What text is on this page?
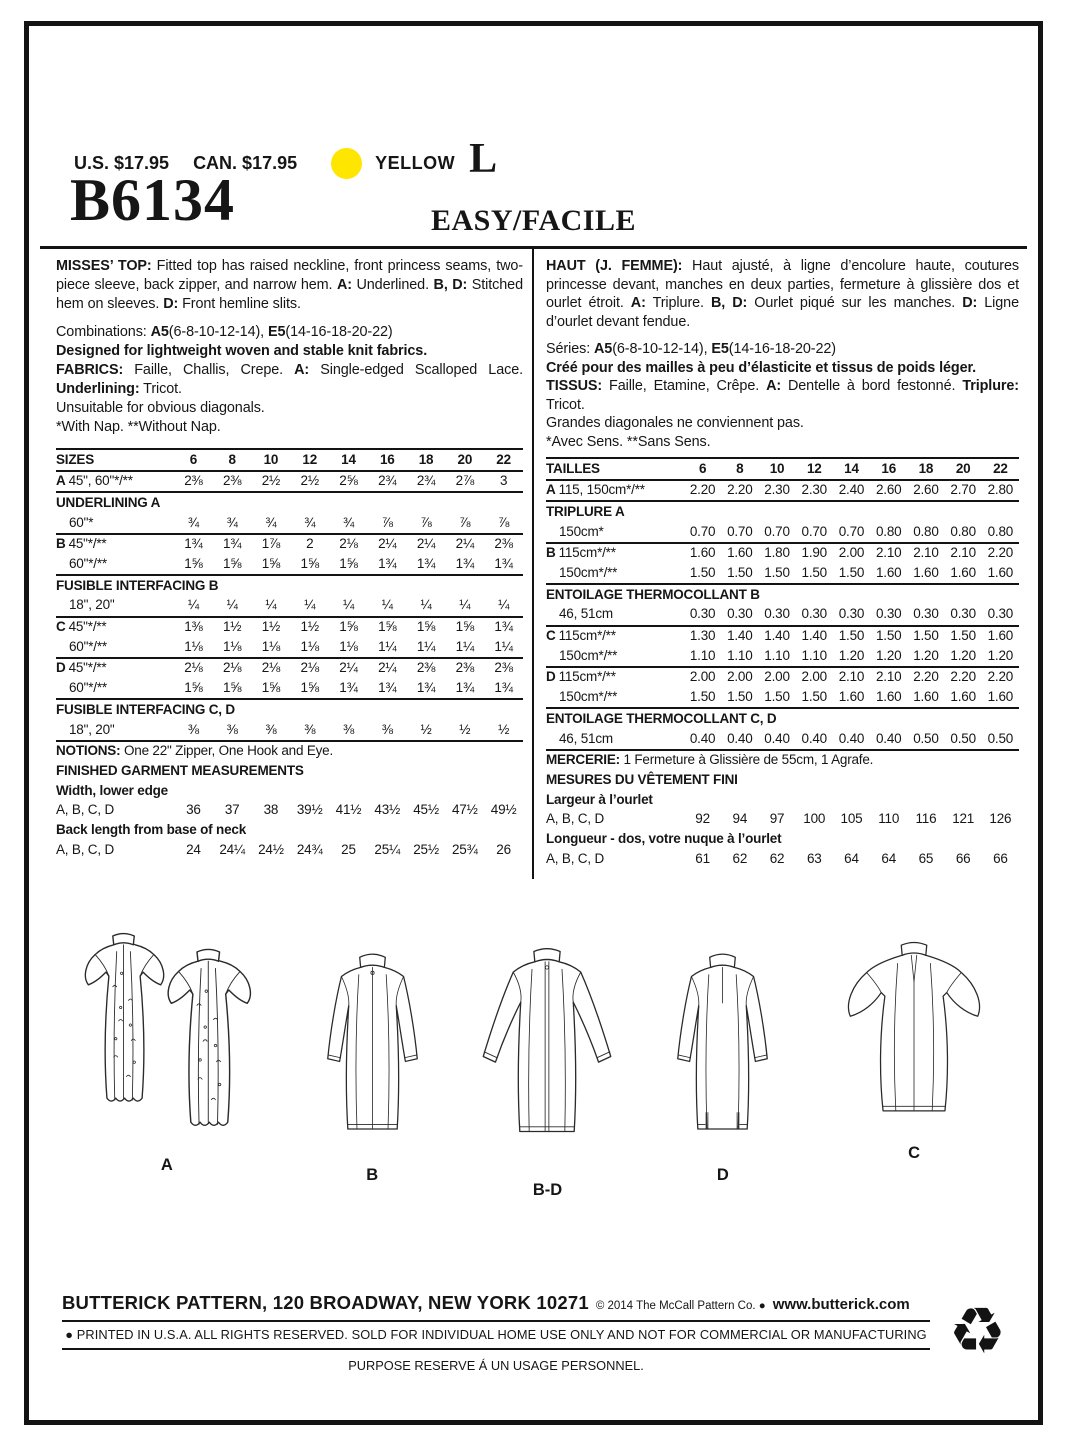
U.S. $17.95 CAN. $17.95	YELLOW L
B6134	EASY/FACILE

MISSES’ TOP: Fitted top has raised neckline, front princess seams, two-piece sleeve, back zipper, and narrow hem. A: Underlined. B, D: Stitched hem on sleeves. D: Front hemline slits.

Combinations: A5(6-8-10-12-14), E5(14-16-18-20-22)

Designed for lightweight woven and stable knit fabrics.

FABRICS: Faille, Challis, Crepe. A: Single-edged Scalloped Lace. Underlining: Tricot.

Unsuitable for obvious diagonals.

*With Nap. **Without Nap.

SIZES	6	8	10	12	14	16	18	20	22
A 45", 60"*/**	2⅜	2⅜	2½	2½	2⅝	2¾	2¾	2⅞	3
UNDERLINING A
60"*	¾	¾	¾	¾	¾	⅞	⅞	⅞	⅞
B 45"*/**	1¾	1¾	1⅞	2	2⅛	2¼	2¼	2¼	2⅜
60"*/**	1⅝	1⅝	1⅝	1⅝	1⅝	1¾	1¾	1¾	1¾
FUSIBLE INTERFACING B
18", 20"	¼	¼	¼	¼	¼	¼	¼	¼	¼
C 45"*/**	1⅜	1½	1½	1½	1⅝	1⅝	1⅝	1⅝	1¾
60"*/**	1⅛	1⅛	1⅛	1⅛	1⅛	1¼	1¼	1¼	1¼
D 45"*/**	2⅛	2⅛	2⅛	2⅛	2¼	2¼	2⅜	2⅜	2⅜
60"*/**	1⅝	1⅝	1⅝	1⅝	1¾	1¾	1¾	1¾	1¾
FUSIBLE INTERFACING C, D
18", 20"	⅜	⅜	⅜	⅜	⅜	⅜	½	½	½
NOTIONS: One 22" Zipper, One Hook and Eye.
FINISHED GARMENT MEASUREMENTS
Width, lower edge
A, B, C, D	36	37	38	39½ 41½ 43½ 45½ 47½ 49½
Back length from base of neck
A, B, C, D	24	24¼ 24½ 24¾	25	25¼ 25½ 25¾	26

HAUT (J. FEMME): Haut ajusté, à ligne d’encolure haute, coutures princesse devant, manches en deux parties, fermeture à glissière dos et ourlet étroit. A: Triplure. B, D: Ourlet piqué sur les manches. D: Ligne d’ourlet devant fendue.

Séries: A5(6-8-10-12-14), E5(14-16-18-20-22)

Créé pour des mailles à peu d’élasticite et tissus de poids léger.

TISSUS: Faille, Etamine, Crêpe. A: Dentelle à bord festonné. Triplure: Tricot.

Grandes diagonales ne conviennent pas.

*Avec Sens. **Sans Sens.

TAILLES	6	8	10	12	14	16	18	20	22
A 115, 150cm*/**	2.20 2.20 2.30 2.30 2.40 2.60 2.60 2.70 2.80
TRIPLURE A
150cm*	0.70 0.70 0.70 0.70 0.70 0.80 0.80 0.80 0.80
B 115cm*/**	1.60 1.60 1.80 1.90 2.00 2.10 2.10 2.10 2.20
150cm*/**	1.50 1.50 1.50 1.50 1.50 1.60 1.60 1.60 1.60
ENTOILAGE THERMOCOLLANT B
46, 51cm	0.30 0.30 0.30 0.30 0.30 0.30 0.30 0.30 0.30
C 115cm*/**	1.30 1.40 1.40 1.40 1.50 1.50 1.50 1.50 1.60
150cm*/**	1.10 1.10 1.10 1.10 1.20 1.20 1.20 1.20 1.20
D 115cm*/**	2.00 2.00 2.00 2.00 2.10 2.10 2.20 2.20 2.20
150cm*/**	1.50 1.50 1.50 1.50 1.60 1.60 1.60 1.60 1.60
ENTOILAGE THERMOCOLLANT C, D
46, 51cm	0.40 0.40 0.40 0.40 0.40 0.40 0.50 0.50 0.50
MERCERIE: 1 Fermeture à Glissière de 55cm, 1 Agrafe.
MESURES DU VÊTEMENT FINI
Largeur à l’ourlet
A, B, C, D	92	94	97	100	105	110	116	121	126
Longueur - dos, votre nuque à l’ourlet
A, B, C, D	61	62	62	63	64	64	65	66	66
A
B
B-D
D
C
BUTTERICK PATTERN, 120 BROADWAY, NEW YORK 10271 © 2014 The McCall Pattern Co. ● www.butterick.com
● PRINTED IN U.S.A. ALL RIGHTS RESERVED. SOLD FOR INDIVIDUAL HOME USE ONLY AND NOT FOR COMMERCIAL OR MANUFACTURING
PURPOSE RESERVE Á UN USAGE PERSONNEL.	♻
